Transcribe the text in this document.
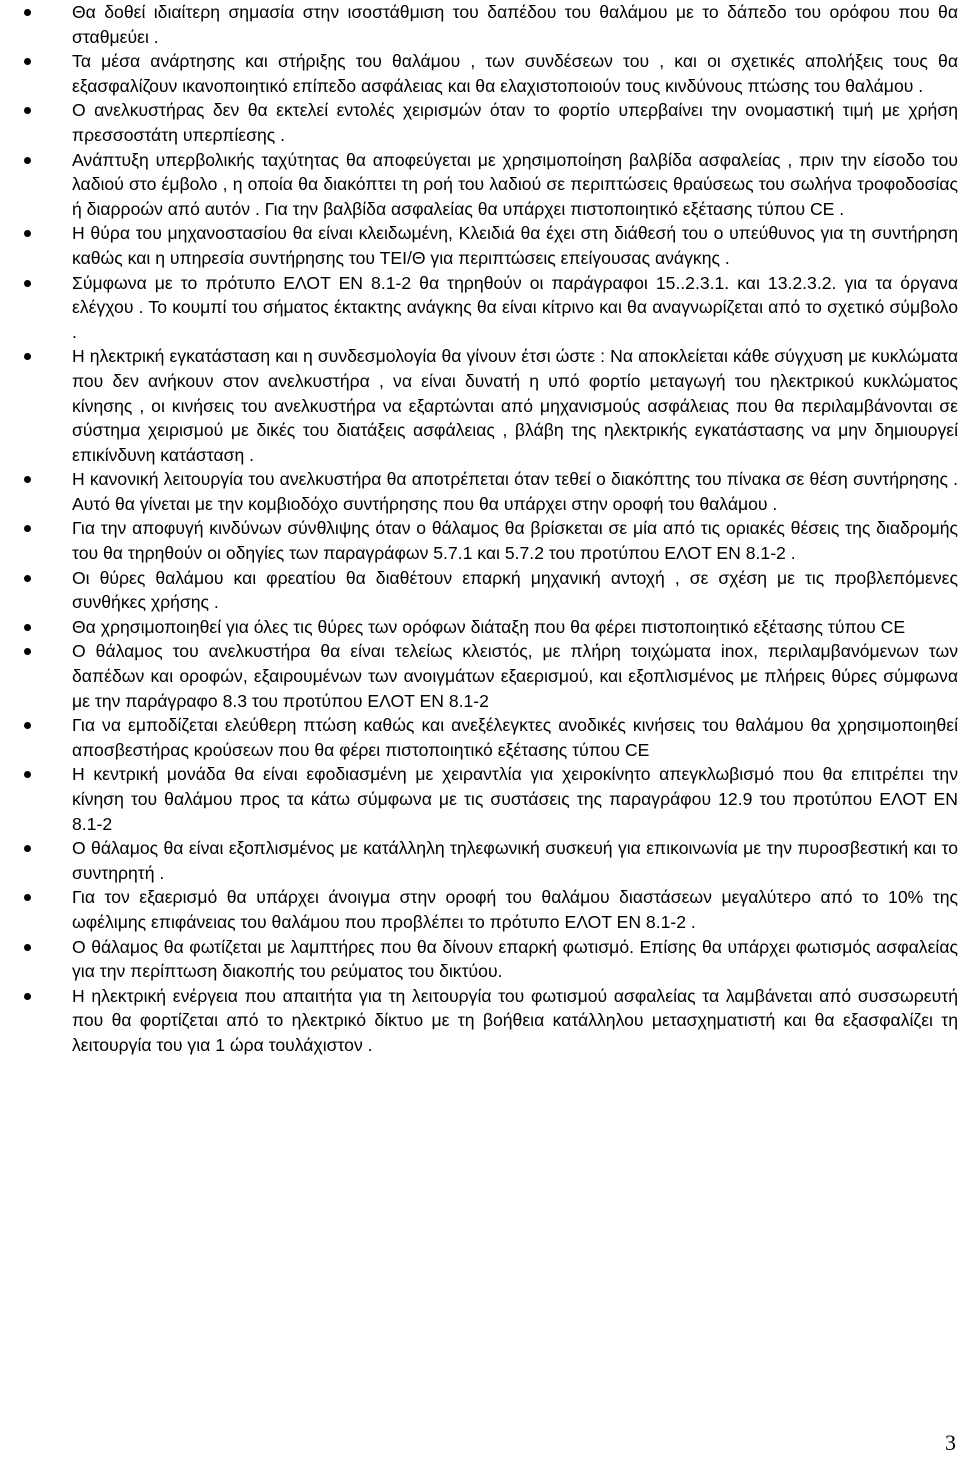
Θα δοθεί ιδιαίτερη σημασία στην ισοστάθμιση του δαπέδου του θαλάμου με το δάπεδο του ορόφου που θα σταθμεύει .
Τα μέσα ανάρτησης και στήριξης του θαλάμου , των συνδέσεων του , και οι σχετικές απολήξεις τους θα εξασφαλίζουν ικανοποιητικό επίπεδο ασφάλειας και θα ελαχιστοποιούν τους κινδύνους πτώσης του θαλάμου .
Ο ανελκυστήρας δεν θα εκτελεί εντολές χειρισμών όταν το φορτίο υπερβαίνει την ονομαστική τιμή με χρήση πρεσσοστάτη υπερπίεσης .
Ανάπτυξη υπερβολικής ταχύτητας θα αποφεύγεται με χρησιμοποίηση βαλβίδα ασφαλείας , πριν την είσοδο του λαδιού στο έμβολο , η οποία θα διακόπτει τη ροή του λαδιού σε περιπτώσεις θραύσεως του σωλήνα τροφοδοσίας ή διαρροών από αυτόν . Για την βαλβίδα ασφαλείας θα υπάρχει πιστοποιητικό εξέτασης τύπου CE .
Η θύρα του μηχανοστασίου θα είναι κλειδωμένη, Κλειδιά θα έχει στη διάθεσή του ο υπεύθυνος για τη συντήρηση καθώς και η υπηρεσία συντήρησης του ΤΕΙ/Θ για περιπτώσεις επείγουσας ανάγκης .
Σύμφωνα με το πρότυπο ΕΛΟΤ ΕΝ 8.1-2 θα τηρηθούν οι παράγραφοι 15..2.3.1. και 13.2.3.2. για τα όργανα ελέγχου . Το κουμπί του σήματος έκτακτης ανάγκης θα είναι κίτρινο και θα αναγνωρίζεται από το σχετικό σύμβολο .
Η ηλεκτρική εγκατάσταση και η συνδεσμολογία θα γίνουν έτσι ώστε : Να αποκλείεται κάθε σύγχυση με κυκλώματα που δεν ανήκουν στον ανελκυστήρα , να είναι δυνατή η υπό φορτίο μεταγωγή του ηλεκτρικού κυκλώματος κίνησης , οι κινήσεις του ανελκυστήρα να εξαρτώνται από μηχανισμούς ασφάλειας που θα περιλαμβάνονται σε σύστημα χειρισμού με δικές του διατάξεις ασφάλειας , βλάβη της ηλεκτρικής εγκατάστασης να μην δημιουργεί επικίνδυνη κατάσταση .
Η κανονική λειτουργία του ανελκυστήρα θα αποτρέπεται όταν τεθεί ο διακόπτης του πίνακα σε θέση συντήρησης . Αυτό θα γίνεται με την κομβιοδόχο συντήρησης που θα υπάρχει στην οροφή του θαλάμου .
Για την αποφυγή κινδύνων σύνθλιψης όταν ο θάλαμος θα βρίσκεται σε μία από τις οριακές θέσεις της διαδρομής του θα τηρηθούν οι οδηγίες των παραγράφων 5.7.1 και 5.7.2 του προτύπου ΕΛΟΤ ΕΝ 8.1-2 .
Οι θύρες θαλάμου και φρεατίου θα διαθέτουν επαρκή μηχανική αντοχή , σε σχέση με τις προβλεπόμενες συνθήκες χρήσης .
Θα χρησιμοποιηθεί για όλες τις θύρες των ορόφων διάταξη που θα φέρει πιστοποιητικό εξέτασης τύπου CE
Ο θάλαμος του ανελκυστήρα θα είναι τελείως κλειστός, με πλήρη τοιχώματα inox, περιλαμβανόμενων των δαπέδων και οροφών, εξαιρουμένων των ανοιγμάτων εξαερισμού, και εξοπλισμένος με πλήρεις θύρες σύμφωνα με την παράγραφο 8.3 του προτύπου ΕΛΟΤ ΕΝ 8.1-2
Για να εμποδίζεται ελεύθερη πτώση καθώς και ανεξέλεγκτες ανοδικές κινήσεις του θαλάμου θα χρησιμοποιηθεί αποσβεστήρας κρούσεων που θα φέρει πιστοποιητικό εξέτασης τύπου CE
Η κεντρική μονάδα θα είναι εφοδιασμένη με χειραντλία για χειροκίνητο απεγκλωβισμό που θα επιτρέπει την κίνηση του θαλάμου προς τα κάτω σύμφωνα με τις συστάσεις της παραγράφου 12.9 του προτύπου ΕΛΟΤ ΕΝ 8.1-2
Ο θάλαμος θα είναι εξοπλισμένος με κατάλληλη τηλεφωνική συσκευή για επικοινωνία με την πυροσβεστική και το συντηρητή .
Για τον εξαερισμό θα υπάρχει άνοιγμα στην οροφή του θαλάμου διαστάσεων μεγαλύτερο από το 10% της ωφέλιμης επιφάνειας του θαλάμου που προβλέπει το πρότυπο ΕΛΟΤ ΕΝ 8.1-2 .
Ο θάλαμος θα φωτίζεται με λαμπτήρες που θα δίνουν επαρκή φωτισμό. Επίσης θα υπάρχει φωτισμός ασφαλείας για την περίπτωση διακοπής του ρεύματος του δικτύου.
Η ηλεκτρική ενέργεια που απαιτήτα για τη λειτουργία του φωτισμού ασφαλείας τα λαμβάνεται από συσσωρευτή που θα φορτίζεται από το ηλεκτρικό δίκτυο με τη βοήθεια κατάλληλου μετασχηματιστή και θα εξασφαλίζει τη λειτουργία του για 1 ώρα τουλάχιστον .
3
